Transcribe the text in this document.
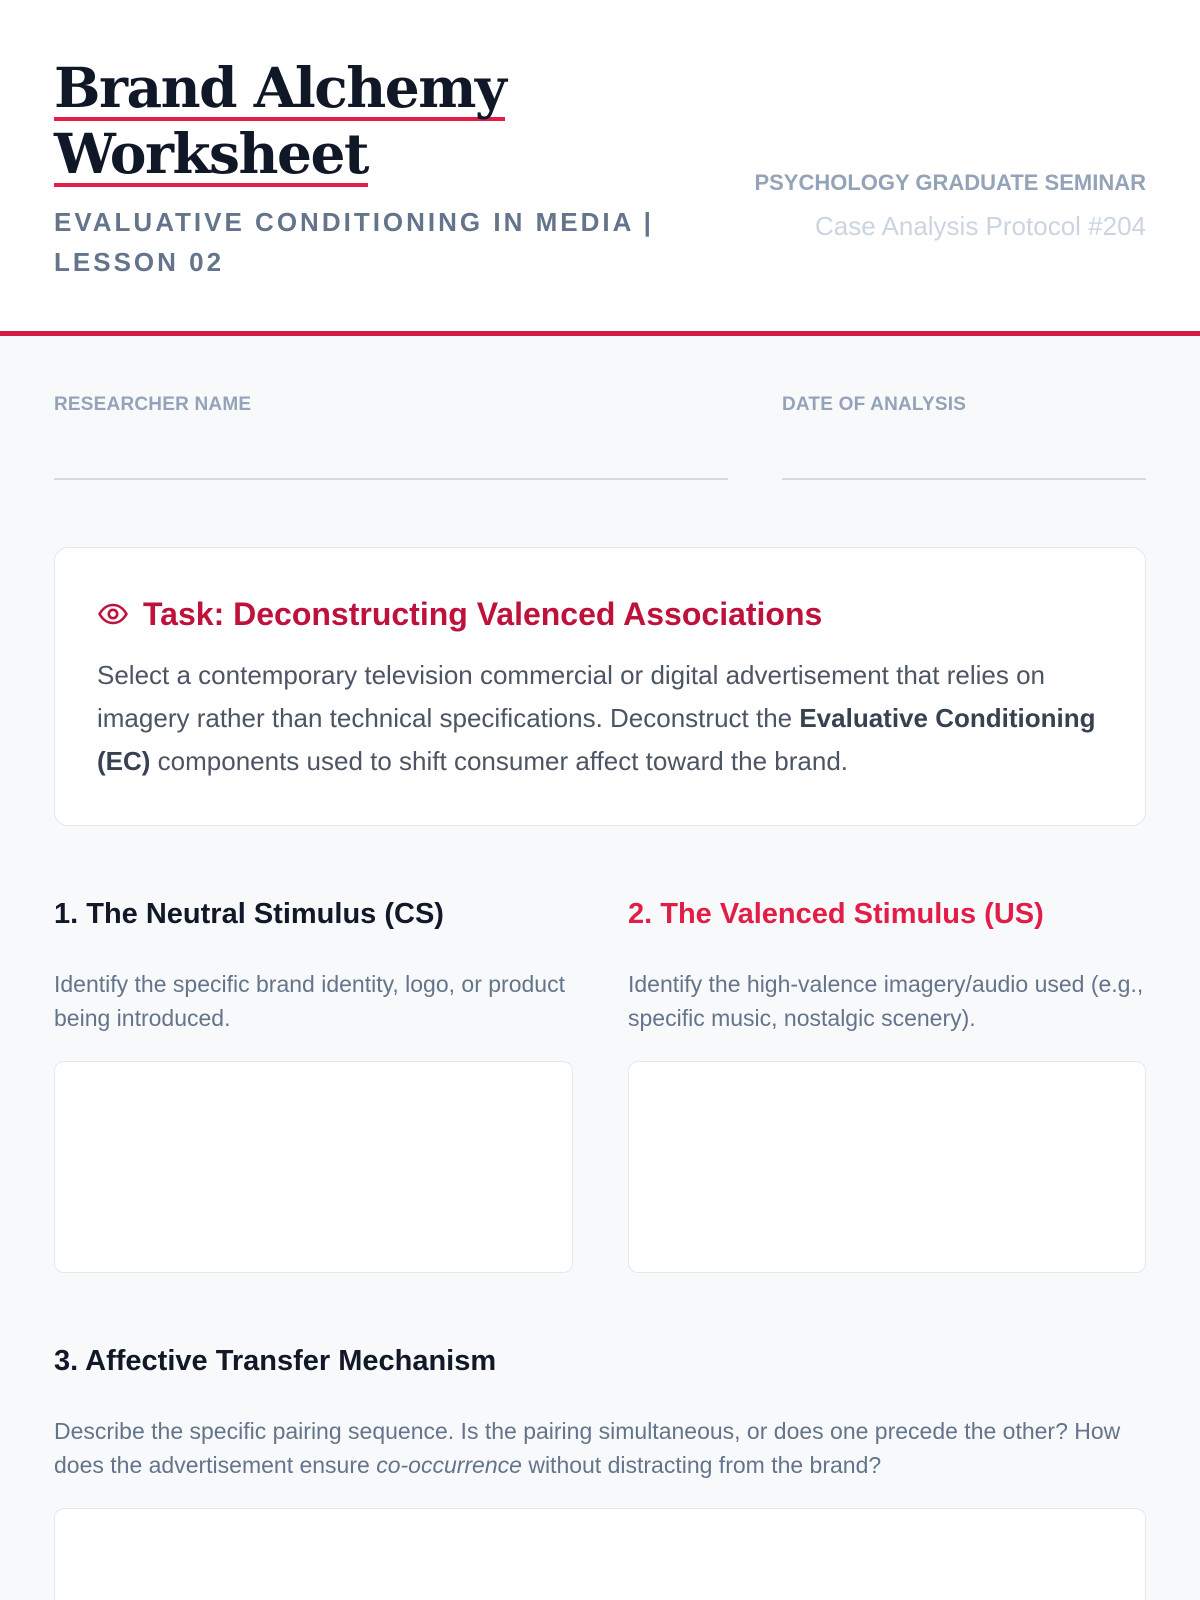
Brand Alchemy
Worksheet
EVALUATIVE CONDITIONING IN MEDIA | LESSON 02
PSYCHOLOGY GRADUATE SEMINAR
Case Analysis Protocol #204
RESEARCHER NAME	DATE OF ANALYSIS
Task: Deconstructing Valenced Associations
Select a contemporary television commercial or digital advertisement that relies on imagery rather than technical specifications. Deconstruct the Evaluative Conditioning (EC) components used to shift consumer affect toward the brand.
1. The Neutral Stimulus (CS)
Identify the specific brand identity, logo, or product being introduced.
2. The Valenced Stimulus (US)
Identify the high-valence imagery/audio used (e.g., specific music, nostalgic scenery).
3. Affective Transfer Mechanism
Describe the specific pairing sequence. Is the pairing simultaneous, or does one precede the other? How does the advertisement ensure co-occurrence without distracting from the brand?
